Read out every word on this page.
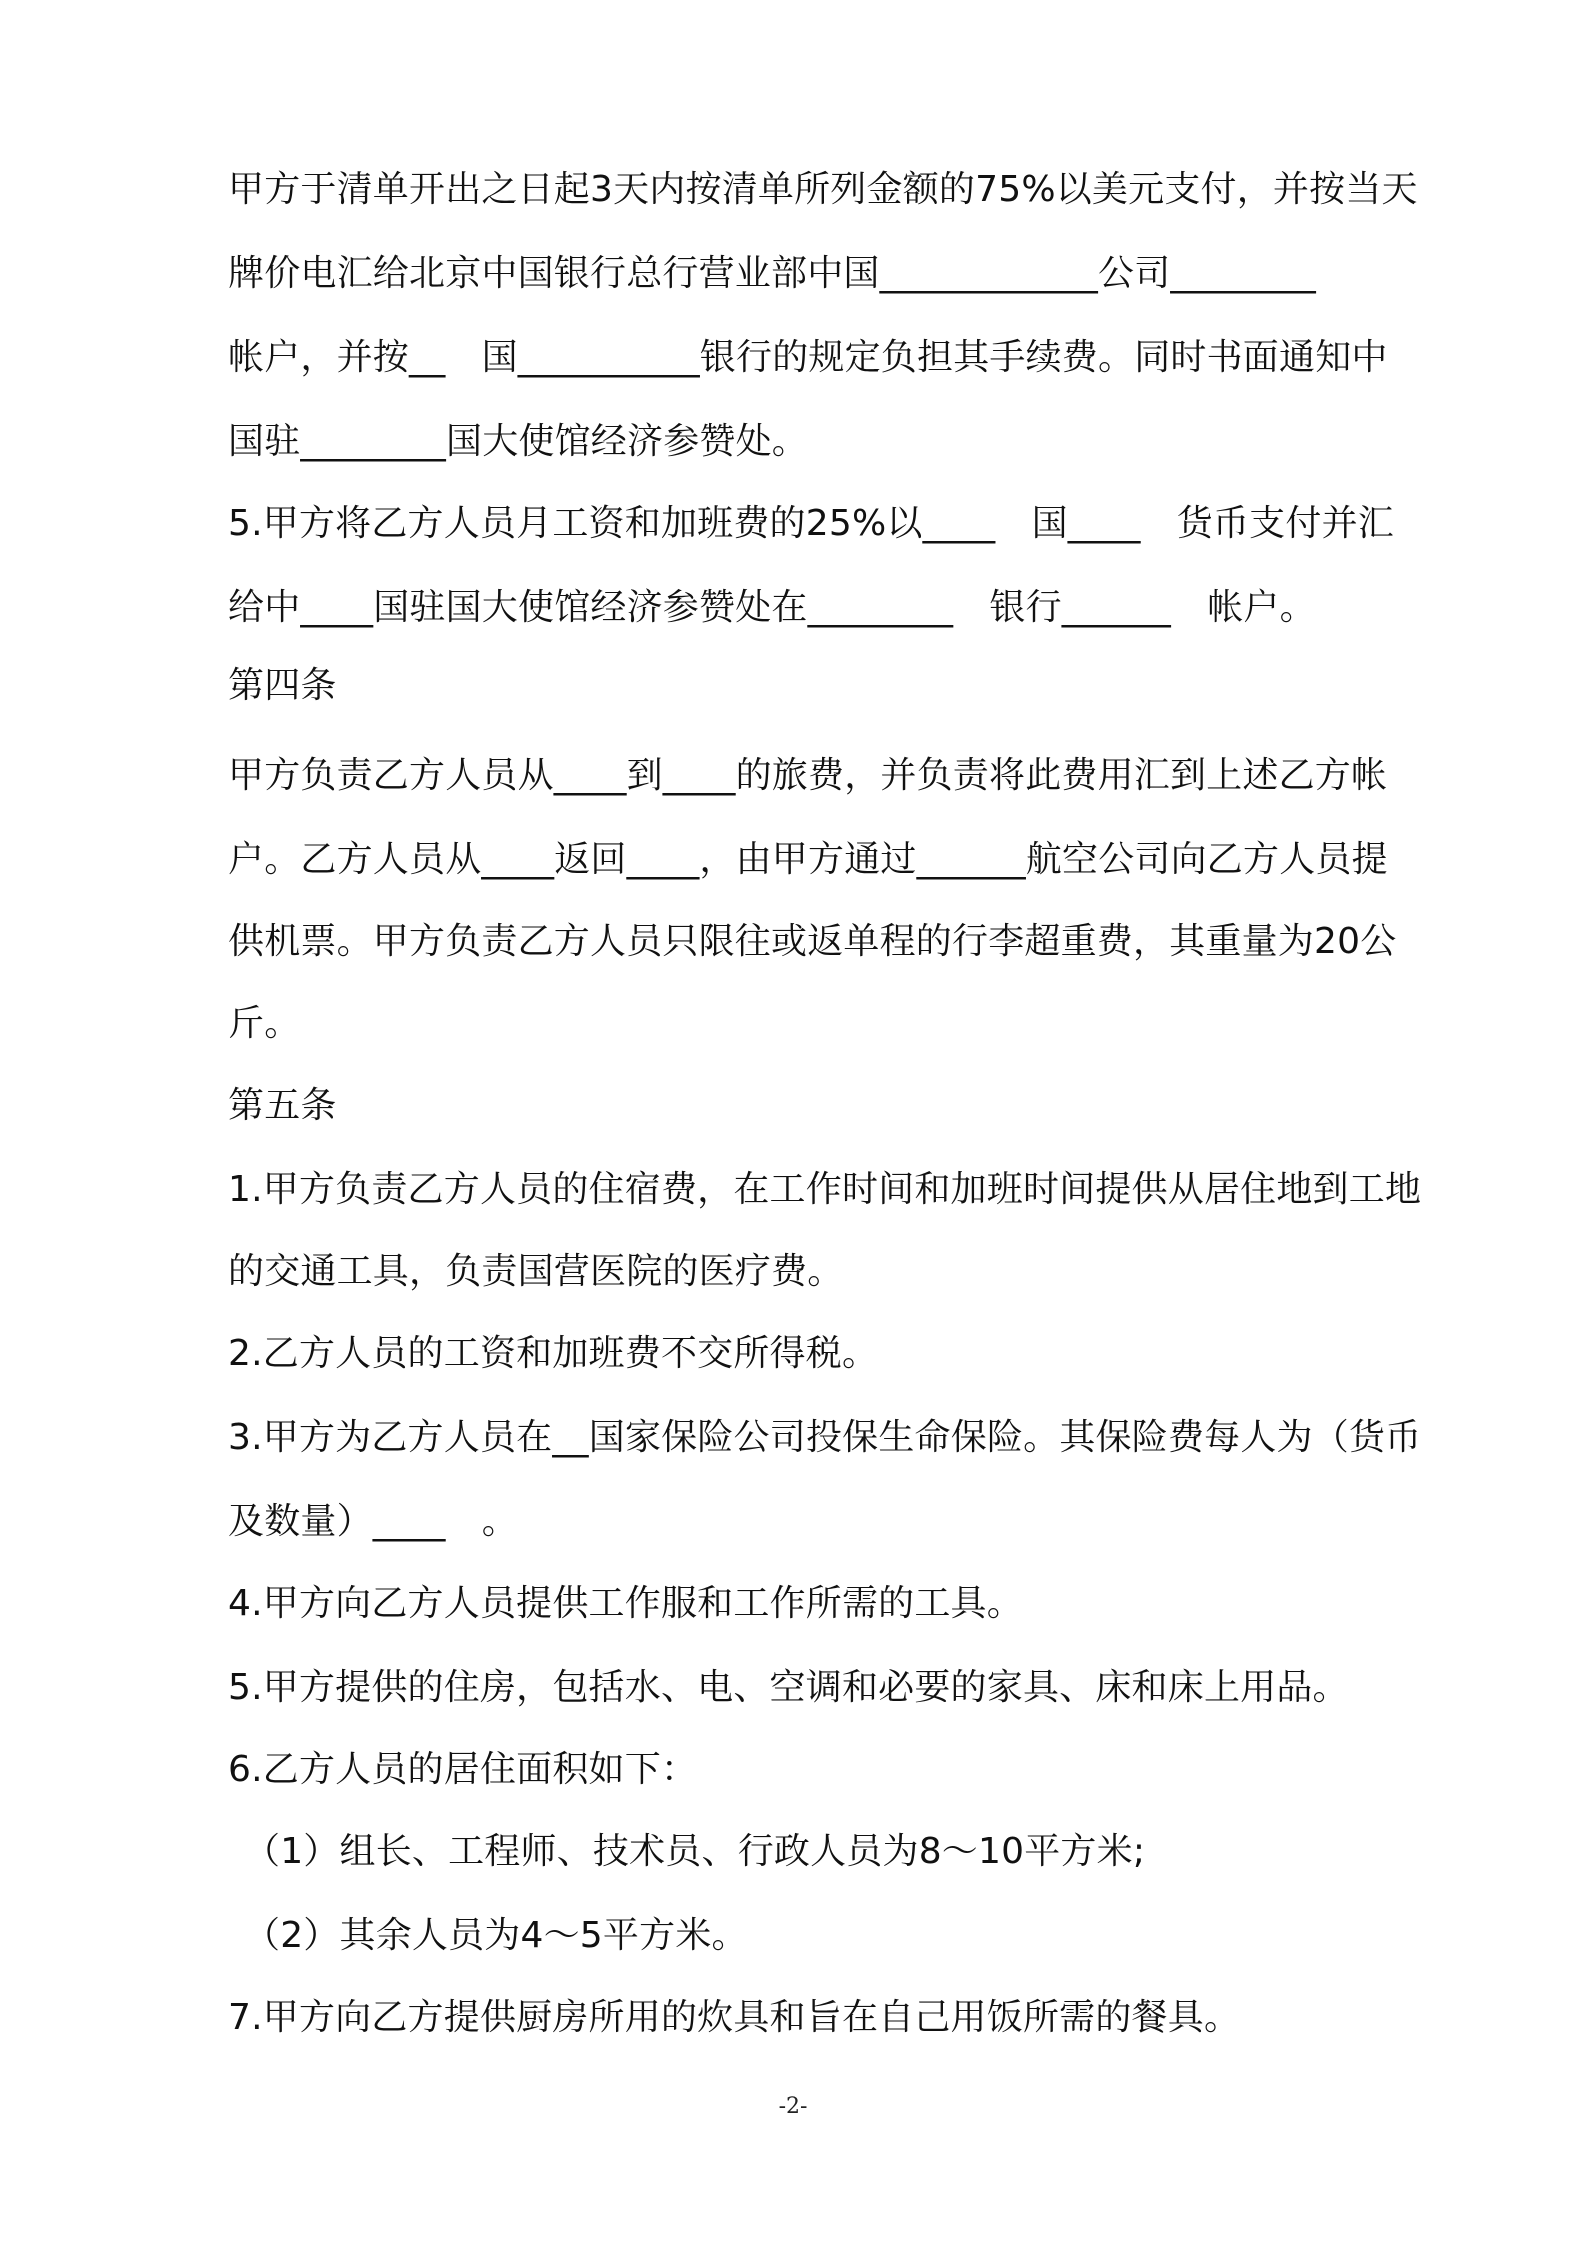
甲方于清单开出之日起3天内按清单所列金额的75%以美元支付，并按当天
牌价电汇给北京中国银行总行营业部中国____________公司________
帐户，并按__　国__________银行的规定负担其手续费。同时书面通知中
国驻________国大使馆经济参赞处。
5.甲方将乙方人员月工资和加班费的25%以____　国____　货币支付并汇
给中____国驻国大使馆经济参赞处在________　银行______　帐户。
第四条
甲方负责乙方人员从____到____的旅费，并负责将此费用汇到上述乙方帐
户。乙方人员从____返回____，由甲方通过______航空公司向乙方人员提
供机票。甲方负责乙方人员只限往或返单程的行李超重费，其重量为20公
斤。
第五条
1.甲方负责乙方人员的住宿费，在工作时间和加班时间提供从居住地到工地
的交通工具，负责国营医院的医疗费。
2.乙方人员的工资和加班费不交所得税。
3.甲方为乙方人员在__国家保险公司投保生命保险。其保险费每人为（货币
及数量）____　。
4.甲方向乙方人员提供工作服和工作所需的工具。
5.甲方提供的住房，包括水、电、空调和必要的家具、床和床上用品。
6.乙方人员的居住面积如下：
（1）组长、工程师、技术员、行政人员为8～10平方米;
（2）其余人员为4～5平方米。
7.甲方向乙方提供厨房所用的炊具和旨在自己用饭所需的餐具。
-2-
